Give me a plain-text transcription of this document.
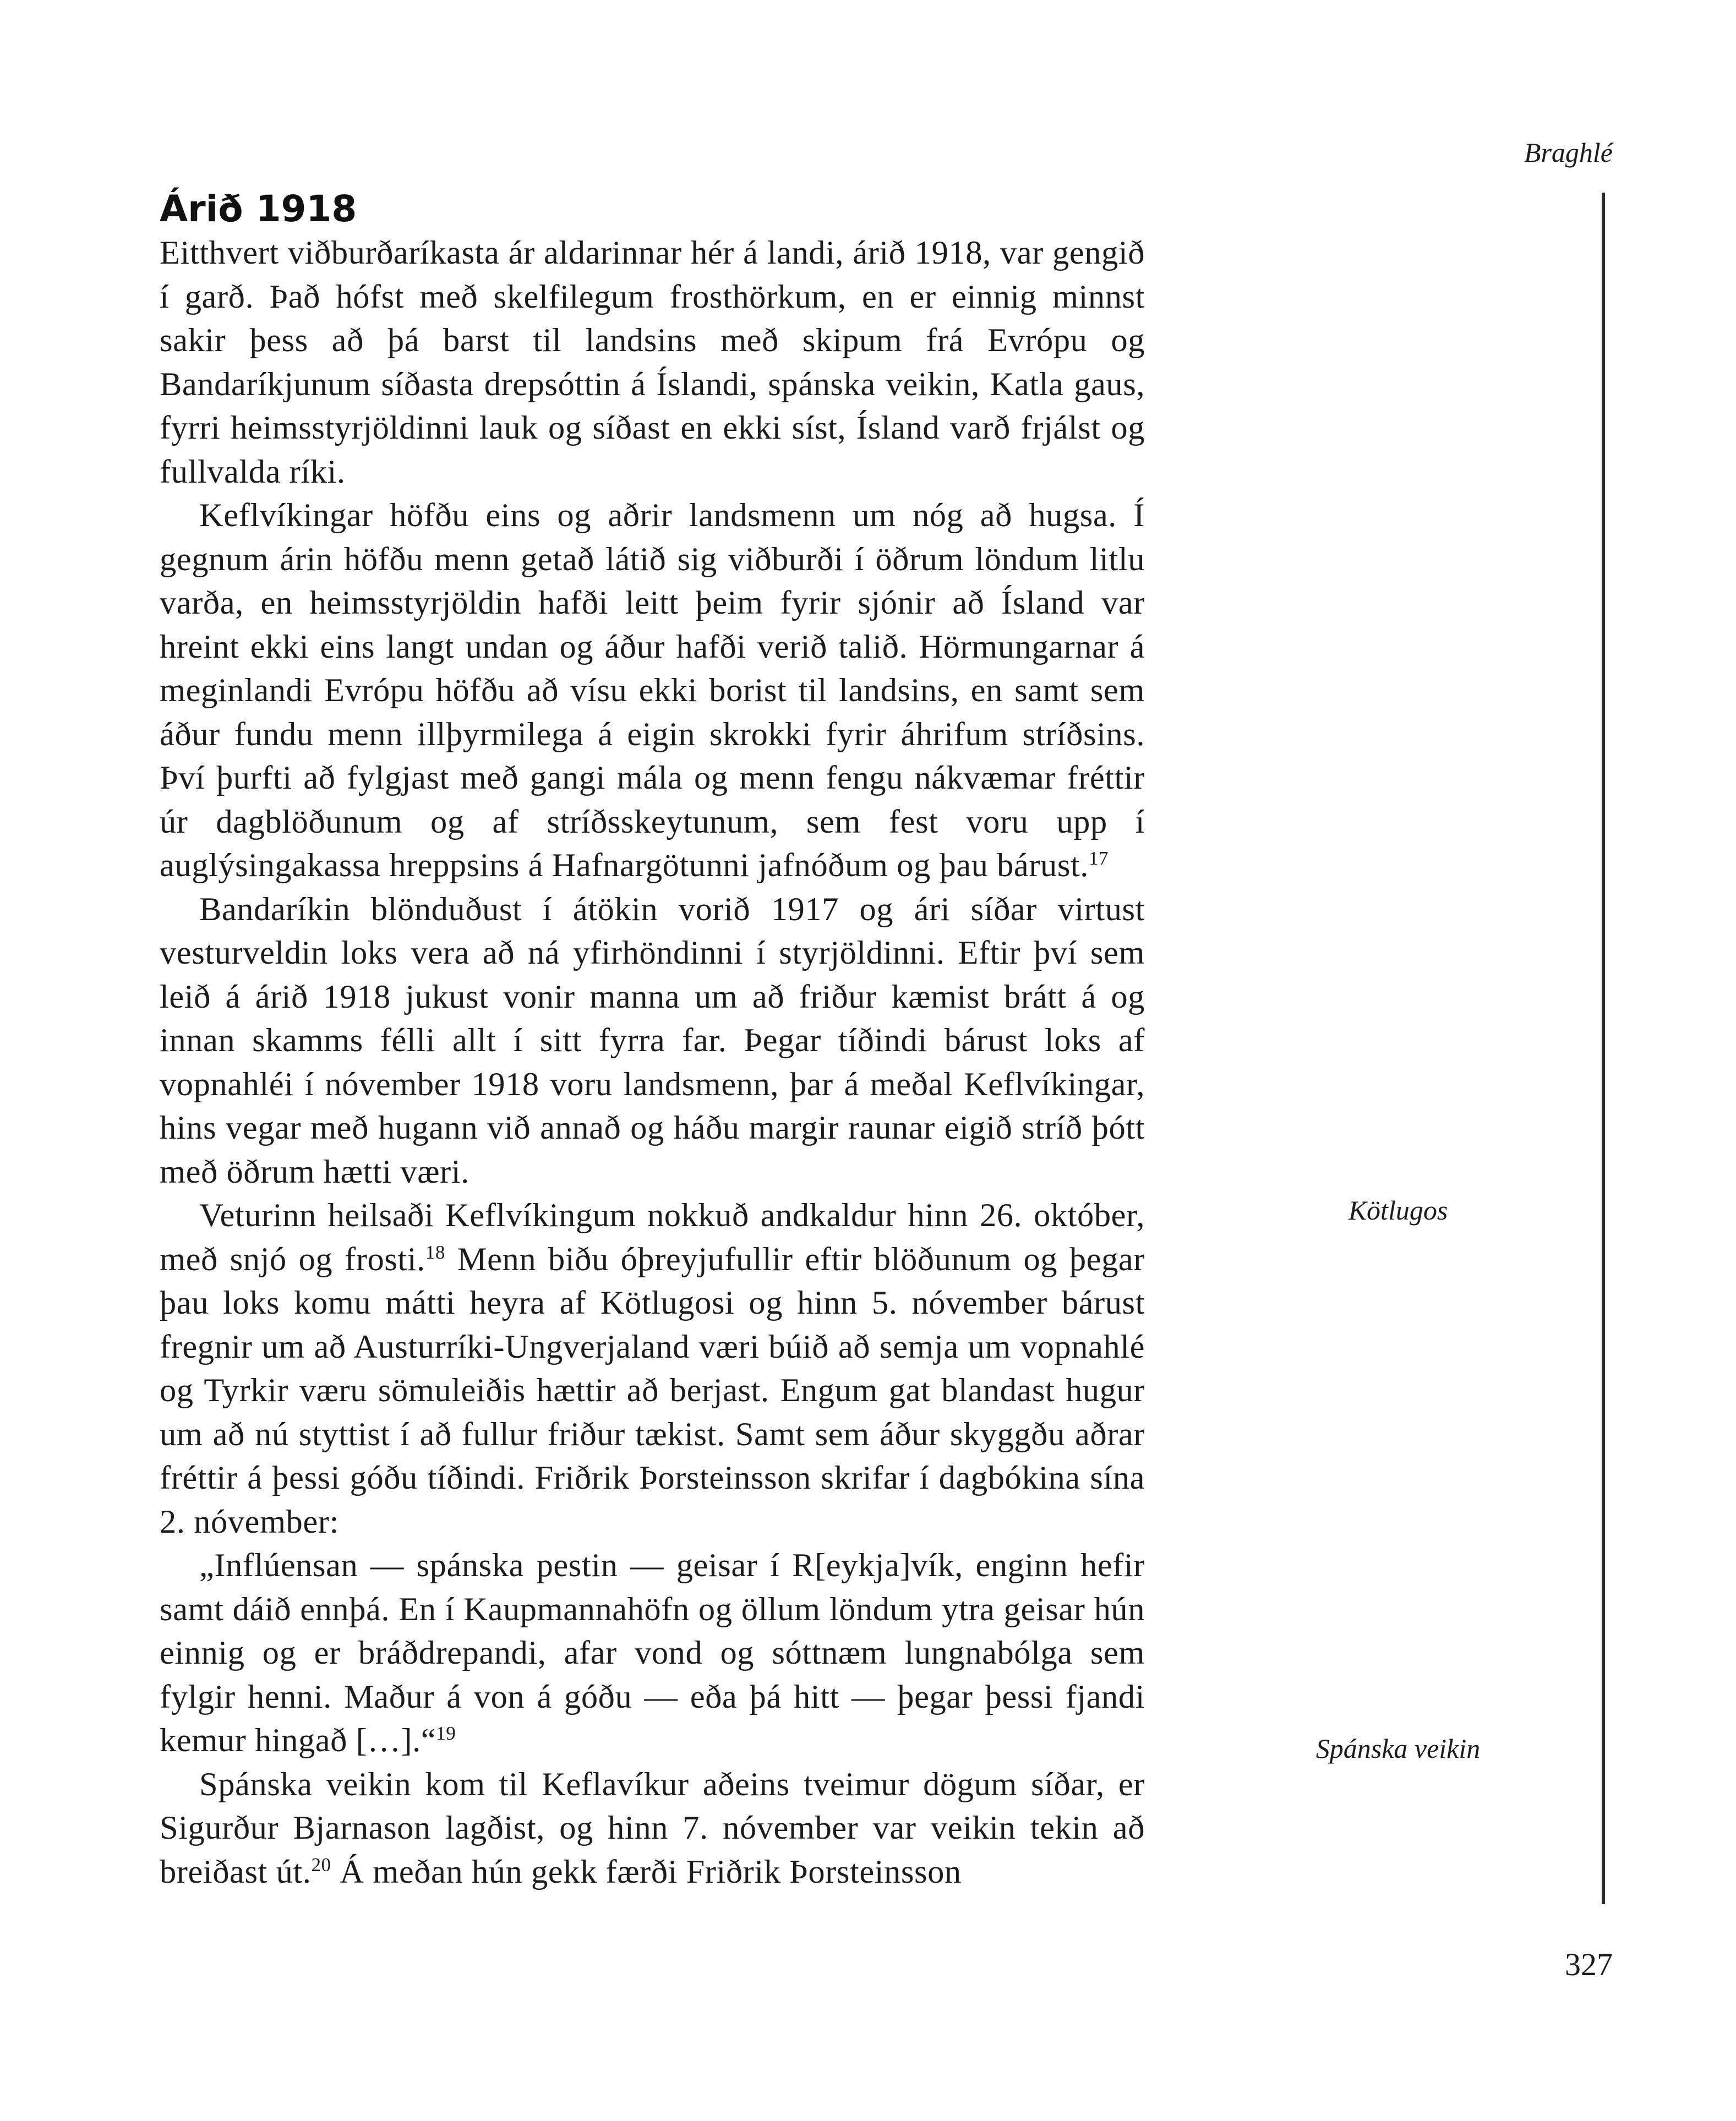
Braghlé

Árið 1918

Eitthvert viðburðaríkasta ár aldarinnar hér á landi, árið 1918, var gengið í garð. Það hófst með skelfilegum frosthörkum, en er einnig minnst sakir þess að þá barst til landsins með skipum frá Evrópu og Bandaríkjunum síðasta drepsóttin á Íslandi, spánska veikin, Katla gaus, fyrri heimsstyrjöldinni lauk og síðast en ekki síst, Ísland varð frjálst og fullvalda ríki.

Keflvíkingar höfðu eins og aðrir landsmenn um nóg að hugsa. Í gegnum árin höfðu menn getað látið sig viðburði í öðrum löndum litlu varða, en heimsstyrjöldin hafði leitt þeim fyrir sjónir að Ísland var hreint ekki eins langt undan og áður hafði verið talið. Hörmungarnar á meginlandi Evrópu höfðu að vísu ekki borist til landsins, en samt sem áður fundu menn illþyrmilega á eigin skrokki fyrir áhrifum stríðsins. Því þurfti að fylgjast með gangi mála og menn fengu nákvæmar fréttir úr dagblöðunum og af stríðsskeytunum, sem fest voru upp í auglýsingakassa hreppsins á Hafnargötunni jafnóðum og þau bárust.$^{17}$

Bandaríkin blönduðust í átökin vorið 1917 og ári síðar virtust vesturveldin loks vera að ná yfirhöndinni í styrjöldinni. Eftir því sem leið á árið 1918 jukust vonir manna um að friður kæmist brátt á og innan skamms félli allt í sitt fyrra far. Þegar tíðindi bárust loks af vopnahléi í nóvember 1918 voru landsmenn, þar á meðal Keflvíkingar, hins vegar með hugann við annað og háðu margir raunar eigið stríð þótt með öðrum hætti væri.

Veturinn heilsaði Keflvíkingum nokkuð andkaldur hinn 26. október, með snjó og frosti.$^{18}$ Menn biðu óþreyjufullir eftir blöðunum og þegar þau loks komu mátti heyra af Kötlugosi og hinn 5. nóvember bárust fregnir um að Austurríki-Ungverjaland væri búið að semja um vopnahlé og Tyrkir væru sömuleiðis hættir að berjast. Engum gat blandast hugur um að nú styttist í að fullur friður tækist. Samt sem áður skyggðu aðrar fréttir á þessi góðu tíðindi. Friðrik Þorsteinsson skrifar í dagbókina sína 2. nóvember:

„Inflúensan — spánska pestin — geisar í R[eykja]vík, enginn hefir samt dáið ennþá. En í Kaupmannahöfn og öllum löndum ytra geisar hún einnig og er bráðdrepandi, afar vond og sóttnæm lungnabólga sem fylgir henni. Maður á von á góðu — eða þá hitt — þegar þessi fjandi kemur hingað […].“$^{19}$

Spánska veikin kom til Keflavíkur aðeins tveimur dögum síðar, er Sigurður Bjarnason lagðist, og hinn 7. nóvember var veikin tekin að breiðast út.$^{20}$ Á meðan hún gekk færði Friðrik Þorsteinsson

Kötlugos

Spánska veikin

327
